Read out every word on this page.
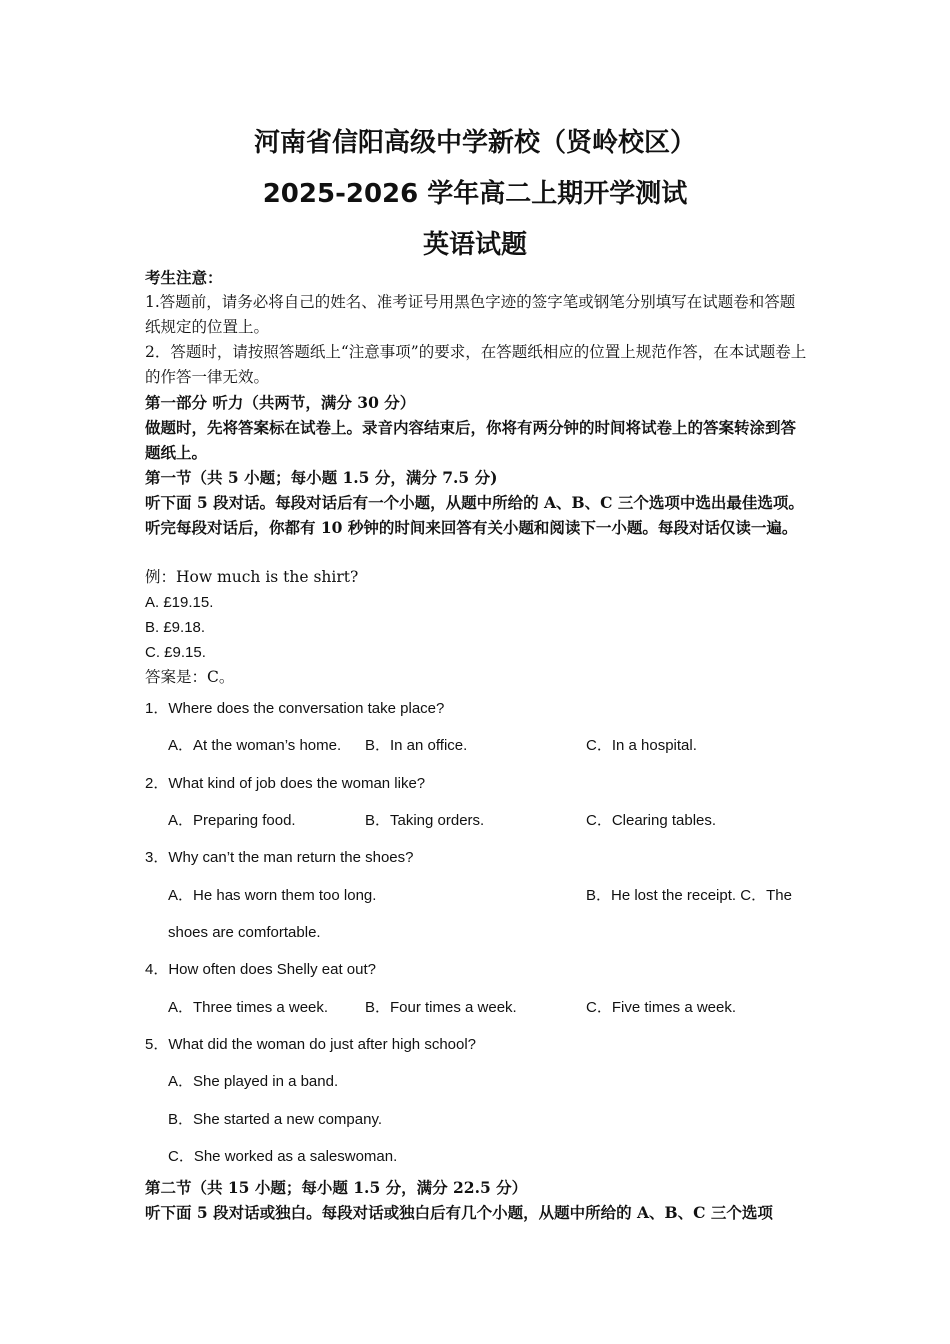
河南省信阳高级中学新校（贤岭校区）
2025-2026 学年高二上期开学测试
英语试题
考生注意：
1.答题前，请务必将自己的姓名、准考证号用黑色字迹的签字笔或钢笔分别填写在试题卷和答题纸规定的位置上。
2．答题时，请按照答题纸上“注意事项”的要求，在答题纸相应的位置上规范作答，在本试题卷上的作答一律无效。
第一部分 听力（共两节，满分 30 分）
做题时，先将答案标在试卷上。录音内容结束后，你将有两分钟的时间将试卷上的答案转涂到答题纸上。
第一节（共 5 小题；每小题 1.5 分，满分 7.5 分)
听下面 5 段对话。每段对话后有一个小题，从题中所给的 A、B、C 三个选项中选出最佳选项。听完每段对话后，你都有 10 秒钟的时间来回答有关小题和阅读下一小题。每段对话仅读一遍。
例：How much is the shirt?
A. £19.15.
B. £9.18.
C. £9.15.
答案是：C。
1．Where does the conversation take place?
A．At the woman’s home. B．In an office.	C．In a hospital.
2．What kind of job does the woman like?
A．Preparing food.	B．Taking orders.	C．Clearing tables.
3．Why can’t the man return the shoes?
A．He has worn them too long.	B．He lost the receipt. C．The
shoes are comfortable.
4．How often does Shelly eat out?
A．Three times a week. B．Four times a week.	C．Five times a week.
5．What did the woman do just after high school?
A．She played in a band.
B．She started a new company.
C．She worked as a saleswoman.
第二节（共 15 小题；每小题 1.5 分，满分 22.5 分）
听下面 5 段对话或独白。每段对话或独白后有几个小题，从题中所给的 A、B、C 三个选项
